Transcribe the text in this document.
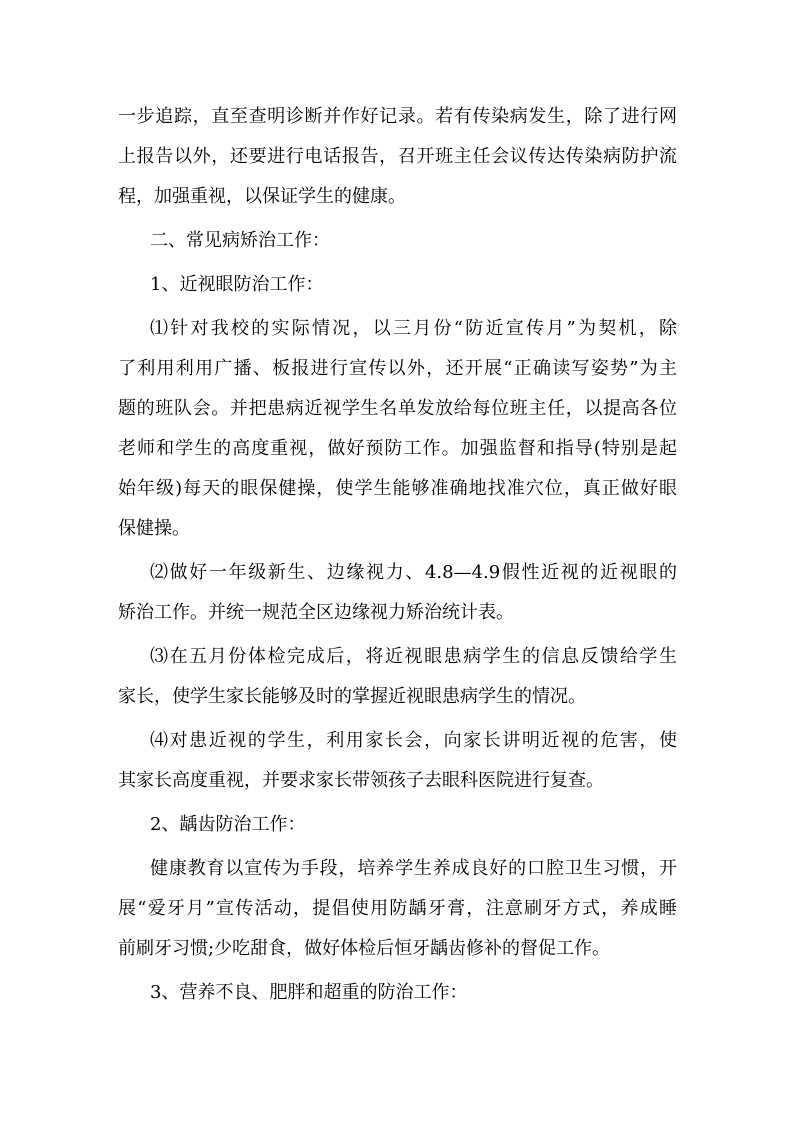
一步追踪，直至查明诊断并作好记录。若有传染病发生，除了进行网
上报告以外，还要进行电话报告，召开班主任会议传达传染病防护流
程，加强重视，以保证学生的健康。
二、常见病矫治工作：
1、近视眼防治工作：
⑴针对我校的实际情况，以三月份“防近宣传月”为契机，除
了利用利用广播、板报进行宣传以外，还开展“正确读写姿势”为主
题的班队会。并把患病近视学生名单发放给每位班主任，以提高各位
老师和学生的高度重视，做好预防工作。加强监督和指导(特别是起
始年级)每天的眼保健操，使学生能够准确地找准穴位，真正做好眼
保健操。
⑵做好一年级新生、边缘视力、4.8—4.9假性近视的近视眼的
矫治工作。并统一规范全区边缘视力矫治统计表。
⑶在五月份体检完成后，将近视眼患病学生的信息反馈给学生
家长，使学生家长能够及时的掌握近视眼患病学生的情况。
⑷对患近视的学生，利用家长会，向家长讲明近视的危害，使
其家长高度重视，并要求家长带领孩子去眼科医院进行复查。
2、龋齿防治工作：
健康教育以宣传为手段，培养学生养成良好的口腔卫生习惯，开
展“爱牙月”宣传活动，提倡使用防龋牙膏，注意刷牙方式，养成睡
前刷牙习惯;少吃甜食，做好体检后恒牙龋齿修补的督促工作。
3、营养不良、肥胖和超重的防治工作：
